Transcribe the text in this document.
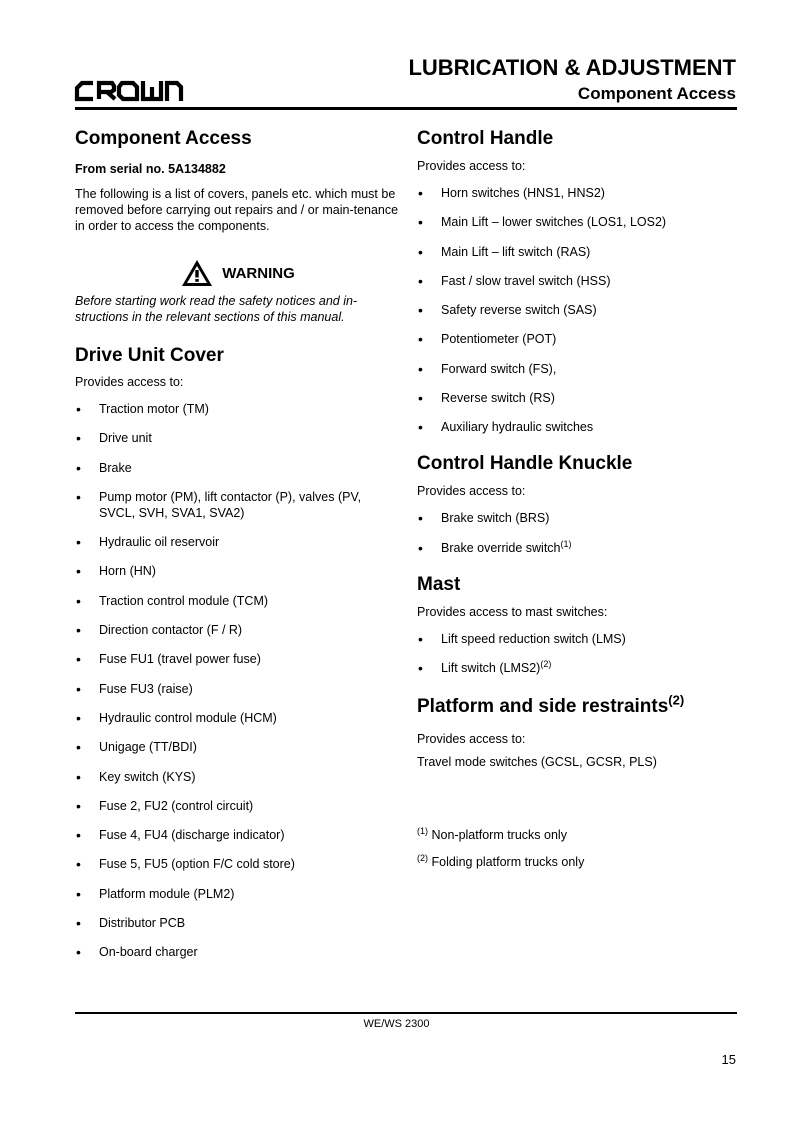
LUBRICATION & ADJUSTMENT
Component Access
Component Access

From serial no. 5A134882

The following is a list of covers, panels etc. which must be removed before carrying out repairs and / or main-tenance in order to access the components.

WARNING

Before starting work read the safety notices and in-structions in the relevant sections of this manual.

Drive Unit Cover

Provides access to:

• Traction motor (TM)
• Drive unit
• Brake
• Pump motor (PM), lift contactor (P), valves (PV, SVCL, SVH, SVA1, SVA2)
• Hydraulic oil reservoir
• Horn (HN)
• Traction control module (TCM)
• Direction contactor (F / R)
• Fuse FU1 (travel power fuse)
• Fuse FU3 (raise)
• Hydraulic control module (HCM)
• Unigage (TT/BDI)
• Key switch (KYS)
• Fuse 2, FU2 (control circuit)
• Fuse 4, FU4 (discharge indicator)
• Fuse 5, FU5 (option F/C cold store)
• Platform module (PLM2)
• Distributor PCB
• On-board charger
Control Handle

Provides access to:

• Horn switches (HNS1, HNS2)
• Main Lift – lower switches (LOS1, LOS2)
• Main Lift – lift switch (RAS)
• Fast / slow travel switch (HSS)
• Safety reverse switch (SAS)
• Potentiometer (POT)
• Forward switch (FS),
• Reverse switch (RS)
• Auxiliary hydraulic switches
Control Handle Knuckle

Provides access to:

• Brake switch (BRS)
• Brake override switch$^{(1)}$
Mast

Provides access to mast switches:

• Lift speed reduction switch (LMS)
• Lift switch $(LMS2)^{(2)}$
Platform and side restraints$^{(2)}$

Provides access to:

Travel mode switches (GCSL, GCSR, PLS)

$^{(1)}$ Non-platform trucks only

$^{(2)}$ Folding platform trucks only

WE/WS 2300
15
